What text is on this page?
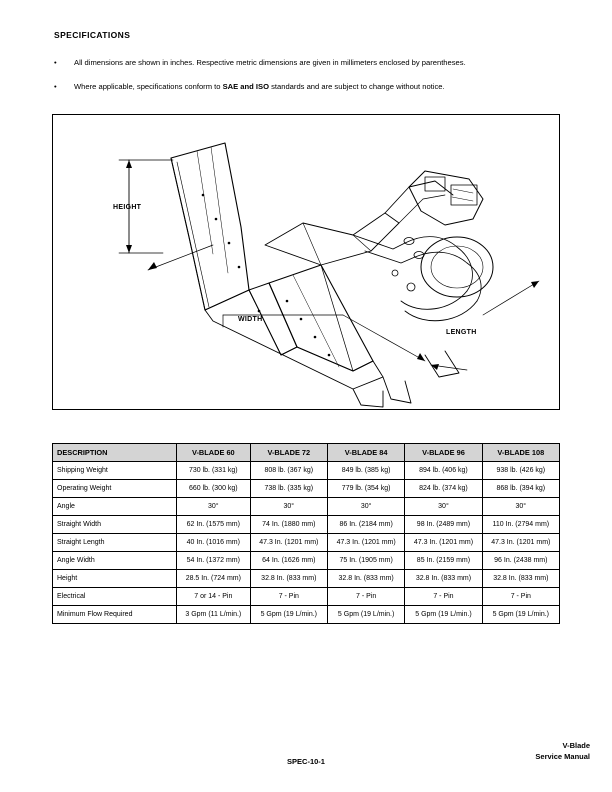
SPECIFICATIONS
• All dimensions are shown in inches. Respective metric dimensions are given in millimeters enclosed by parentheses.
• Where applicable, specifications conform to SAE and ISO standards and are subject to change without notice.
HEIGHT
WIDTH
LENGTH
DESCRIPTION	V-BLADE 60	V-BLADE 72	V-BLADE 84	V-BLADE 96	V-BLADE 108
Shipping Weight	730 lb. (331 kg)	808 lb. (367 kg)	849 lb. (385 kg)	894 lb. (406 kg)	938 lb. (426 kg)
Operating Weight	660 lb. (300 kg)	738 lb. (335 kg)	779 lb. (354 kg)	824 lb. (374 kg)	868 lb. (394 kg)
Angle	30°	30°	30°	30°	30°
Straight Width	62 In. (1575 mm)	74 In. (1880 mm)	86 In. (2184 mm)	98 In. (2489 mm)	110 In. (2794 mm)
Straight Length	40 In. (1016 mm)	47.3 In. (1201 mm)	47.3 In. (1201 mm)	47.3 In. (1201 mm)	47.3 In. (1201 mm)
Angle Width	54 In. (1372 mm)	64 In. (1626 mm)	75 In. (1905 mm)	85 In. (2159 mm)	96 In. (2438 mm)
Height	28.5 In. (724 mm)	32.8 In. (833 mm)	32.8 In. (833 mm)	32.8 In. (833 mm)	32.8 In. (833 mm)
Electrical	7 or 14 - Pin	7 - Pin	7 - Pin	7 - Pin	7 - Pin
Minimum Flow Required	3 Gpm (11 L/min.)	5 Gpm (19 L/min.)	5 Gpm (19 L/min.)	5 Gpm (19 L/min.)	5 Gpm (19 L/min.)
SPEC-10-1
V-Blade
Service Manual
